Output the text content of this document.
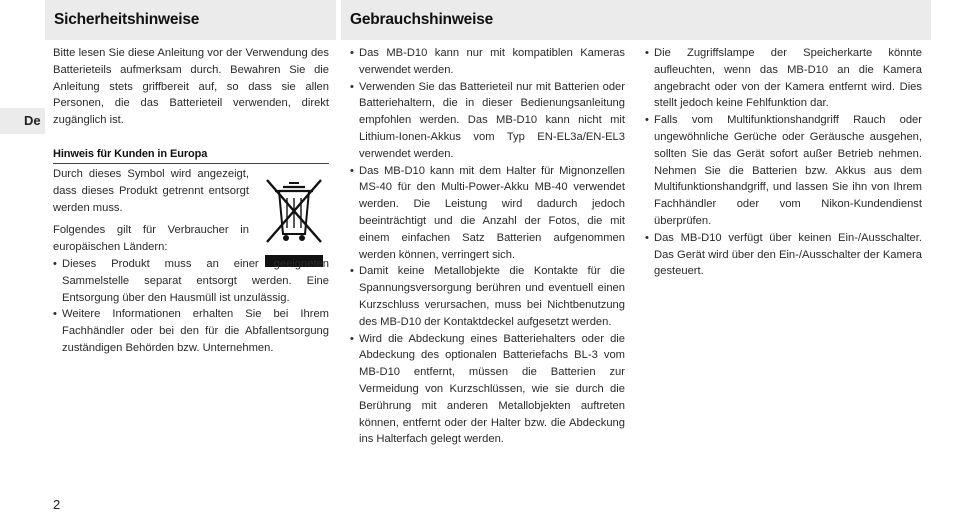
Sicherheitshinweise	Gebrauchshinweise
De

Bitte lesen Sie diese Anleitung vor der Verwendung des Batterieteils aufmerksam durch. Bewahren Sie die Anleitung stets griffbereit auf, so dass sie allen Personen, die das Batterieteil verwenden, direkt zugänglich ist.

Hinweis für Kunden in Europa

Durch dieses Symbol wird angezeigt, dass dieses Produkt getrennt entsorgt werden muss.

Folgendes gilt für Verbraucher in europäischen Ländern:

• Dieses Produkt muss an einer geeigneten Sammelstelle separat entsorgt werden. Eine Entsorgung über den Hausmüll ist unzulässig.
• Weitere Informationen erhalten Sie bei Ihrem Fachhändler oder bei den für die Abfallentsorgung zuständigen Behörden bzw. Unternehmen.
• Das MB-D10 kann nur mit kompatiblen Kameras verwendet werden.
• Verwenden Sie das Batterieteil nur mit Batterien oder Batteriehaltern, die in dieser Bedienungsanleitung empfohlen werden. Das MB-D10 kann nicht mit Lithium-Ionen-Akkus vom Typ EN-EL3a/EN-EL3 verwendet werden.
• Das MB-D10 kann mit dem Halter für Mignonzellen MS-40 für den Multi-Power-Akku MB-40 verwendet werden. Die Leistung wird dadurch jedoch beeinträchtigt und die Anzahl der Fotos, die mit einem einfachen Satz Batterien aufgenommen werden können, verringert sich.
• Damit keine Metallobjekte die Kontakte für die Spannungsversorgung berühren und eventuell einen Kurzschluss verursachen, muss bei Nichtbenutzung des MB-D10 der Kontaktdeckel aufgesetzt werden.
• Wird die Abdeckung eines Batteriehalters oder die Abdeckung des optionalen Batteriefachs BL-3 vom MB-D10 entfernt, müssen die Batterien zur Vermeidung von Kurzschlüssen, wie sie durch die Berührung mit anderen Metallobjekten auftreten können, entfernt oder der Halter bzw. die Abdeckung ins Halterfach gelegt werden.
• Die Zugriffslampe der Speicherkarte könnte aufleuchten, wenn das MB-D10 an die Kamera angebracht oder von der Kamera entfernt wird. Dies stellt jedoch keine Fehlfunktion dar.
• Falls vom Multifunktionshandgriff Rauch oder ungewöhnliche Gerüche oder Geräusche ausgehen, sollten Sie das Gerät sofort außer Betrieb nehmen. Nehmen Sie die Batterien bzw. Akkus aus dem Multifunktionshandgriff, und lassen Sie ihn von Ihrem Fachhändler oder vom Nikon-Kundendienst überprüfen.
• Das MB-D10 verfügt über keinen Ein-/Ausschalter. Das Gerät wird über den Ein-/Ausschalter der Kamera gesteuert.
2
